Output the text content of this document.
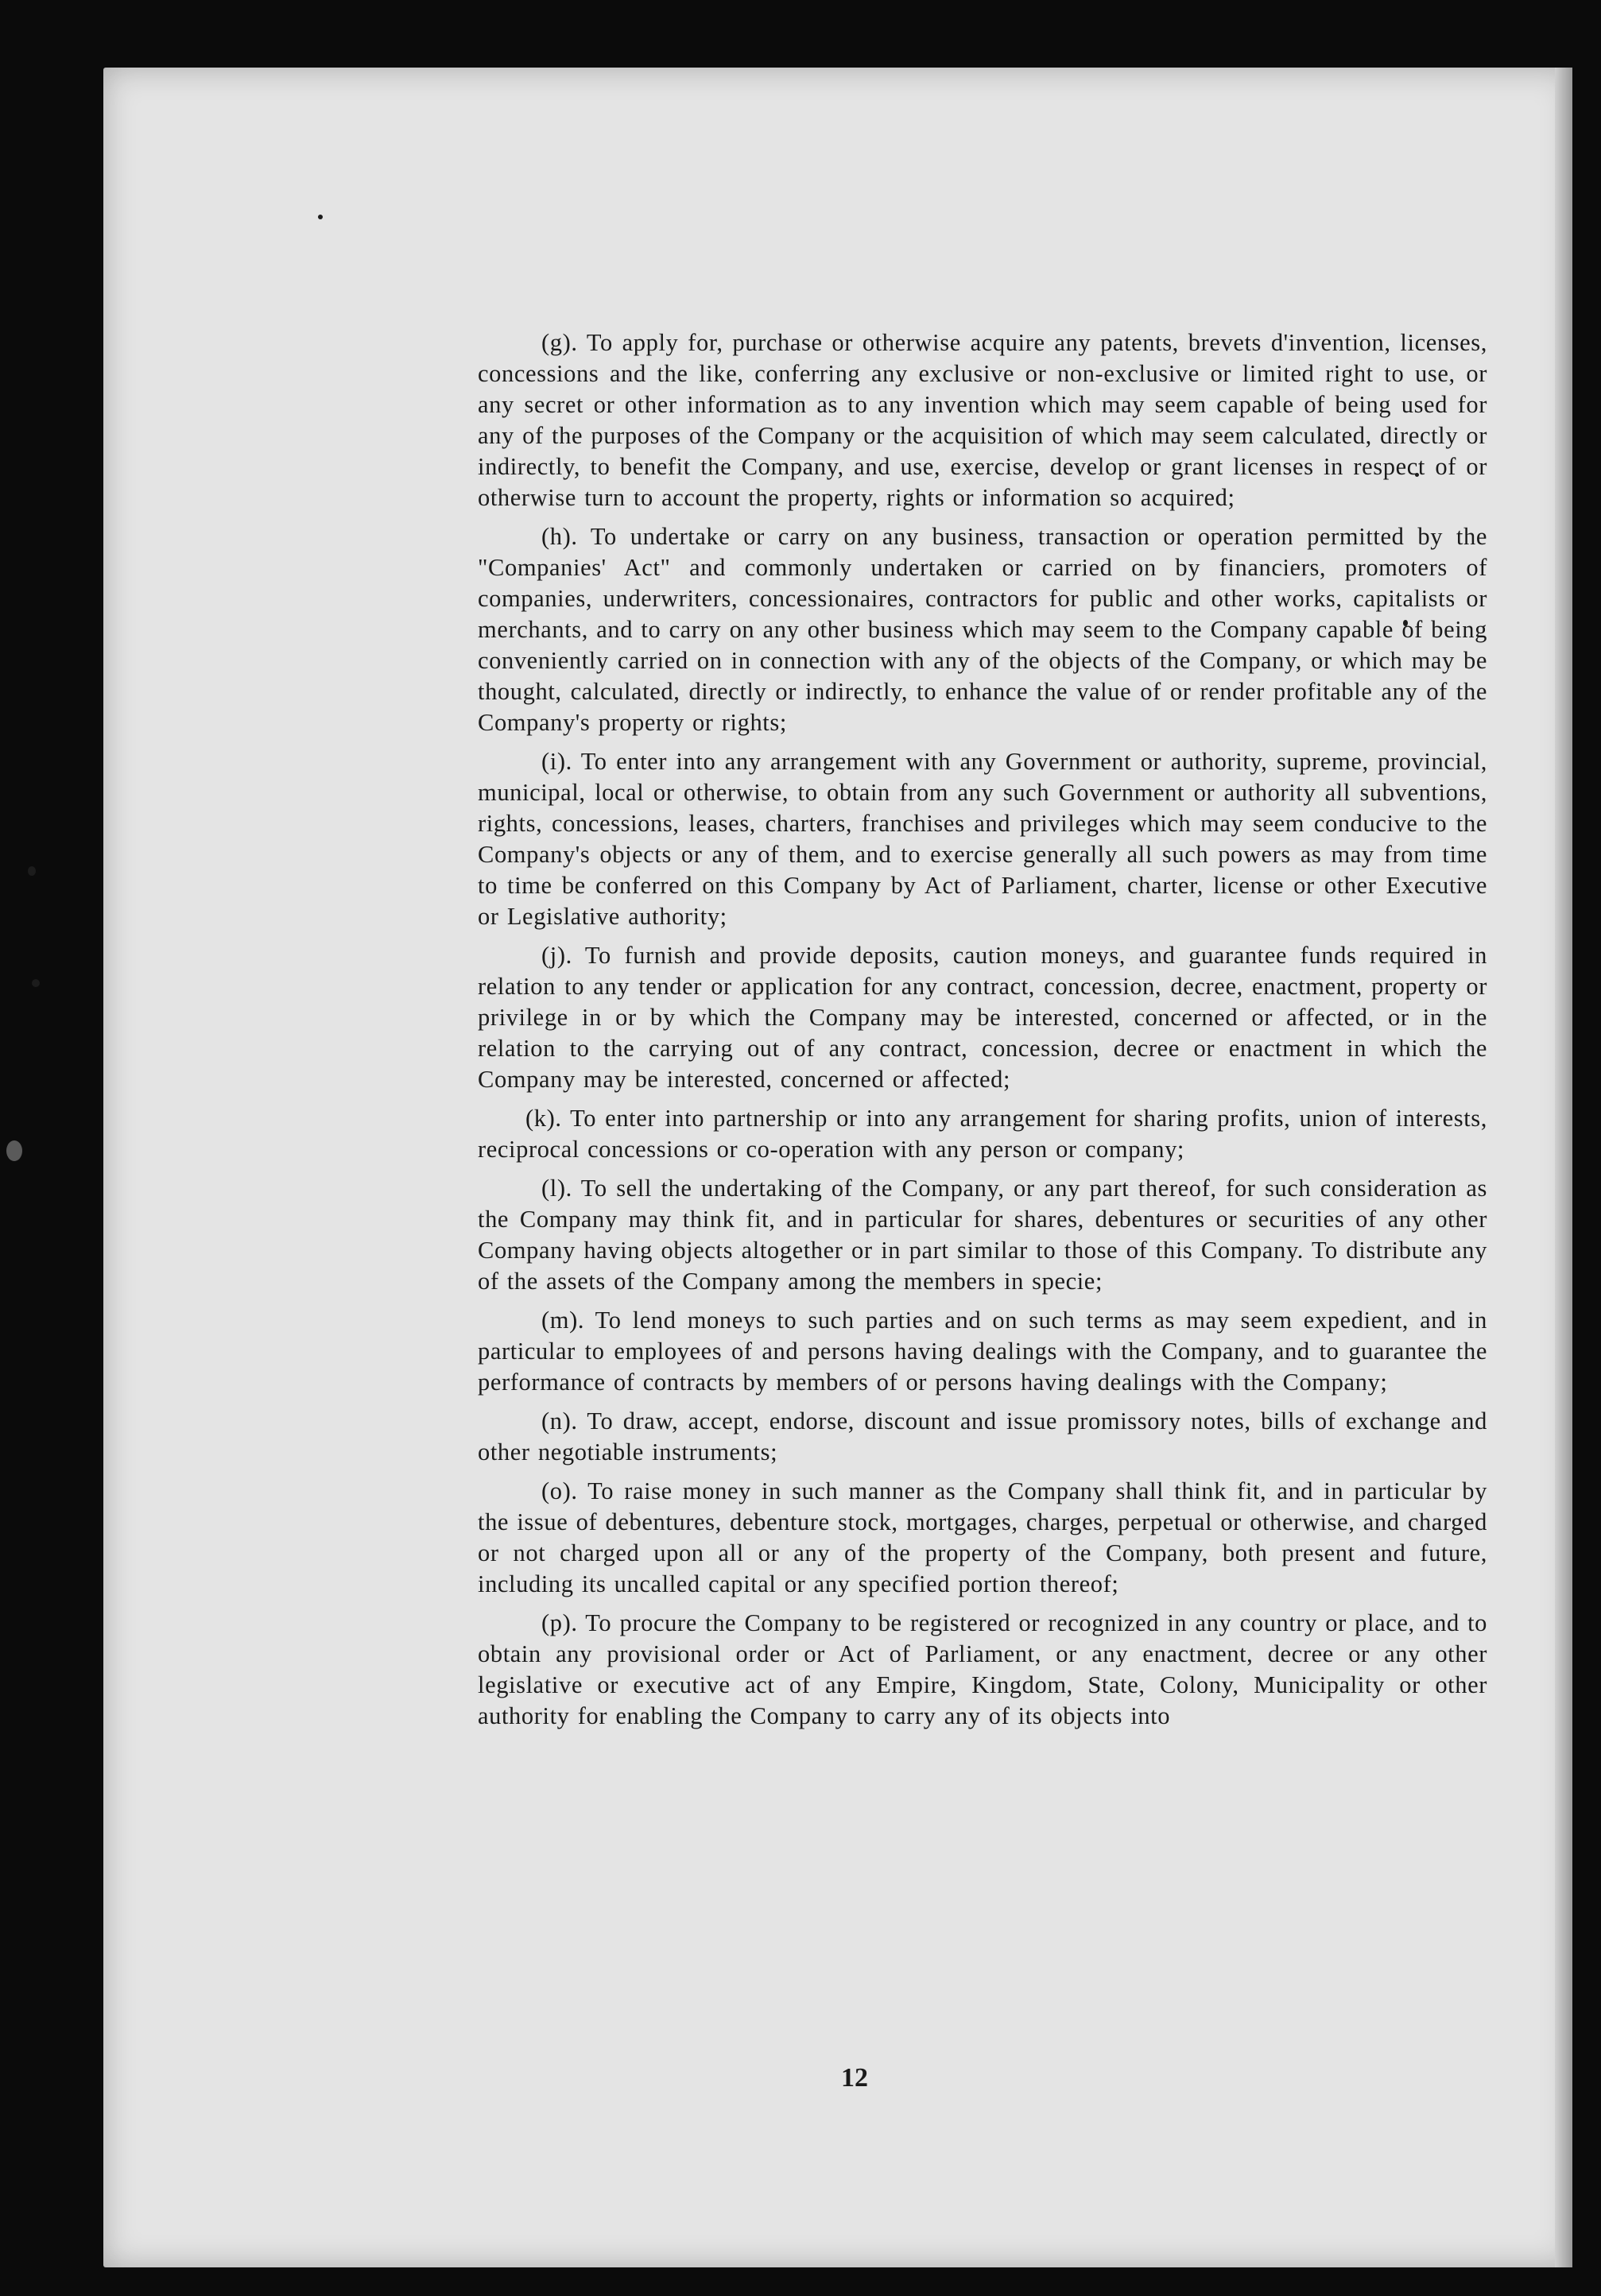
(g). To apply for, purchase or otherwise acquire any patents, brevets d'invention, licenses, concessions and the like, conferring any exclusive or non-exclusive or limited right to use, or any secret or other information as to any invention which may seem capable of being used for any of the purposes of the Company or the acquisition of which may seem calculated, directly or indirectly, to benefit the Company, and use, exercise, develop or grant licenses in respect of or otherwise turn to account the property, rights or information so acquired;

(h). To undertake or carry on any business, transaction or operation permitted by the "Companies' Act" and commonly undertaken or carried on by financiers, promoters of companies, underwriters, concessionaires, contractors for public and other works, capitalists or merchants, and to carry on any other business which may seem to the Company capable of being conveniently carried on in connection with any of the objects of the Company, or which may be thought, calculated, directly or indirectly, to enhance the value of or render profitable any of the Company's property or rights;

(i). To enter into any arrangement with any Government or authority, supreme, provincial, municipal, local or otherwise, to obtain from any such Government or authority all subventions, rights, concessions, leases, charters, franchises and privileges which may seem conducive to the Company's objects or any of them, and to exercise generally all such powers as may from time to time be conferred on this Company by Act of Parliament, charter, license or other Executive or Legislative authority;

(j). To furnish and provide deposits, caution moneys, and guarantee funds required in relation to any tender or application for any contract, concession, decree, enactment, property or privilege in or by which the Company may be interested, concerned or affected, or in the relation to the carrying out of any contract, concession, decree or enactment in which the Company may be interested, concerned or affected;

(k). To enter into partnership or into any arrangement for sharing profits, union of interests, reciprocal concessions or co-operation with any person or company;

(l). To sell the undertaking of the Company, or any part thereof, for such consideration as the Company may think fit, and in particular for shares, debentures or securities of any other Company having objects altogether or in part similar to those of this Company. To distribute any of the assets of the Company among the members in specie;

(m). To lend moneys to such parties and on such terms as may seem expedient, and in particular to employees of and persons having dealings with the Company, and to guarantee the performance of contracts by members of or persons having dealings with the Company;

(n). To draw, accept, endorse, discount and issue promissory notes, bills of exchange and other negotiable instruments;

(o). To raise money in such manner as the Company shall think fit, and in particular by the issue of debentures, debenture stock, mortgages, charges, perpetual or otherwise, and charged or not charged upon all or any of the property of the Company, both present and future, including its uncalled capital or any specified portion thereof;

(p). To procure the Company to be registered or recognized in any country or place, and to obtain any provisional order or Act of Parliament, or any enactment, decree or any other legislative or executive act of any Empire, Kingdom, State, Colony, Municipality or other authority for enabling the Company to carry any of its objects into

12
